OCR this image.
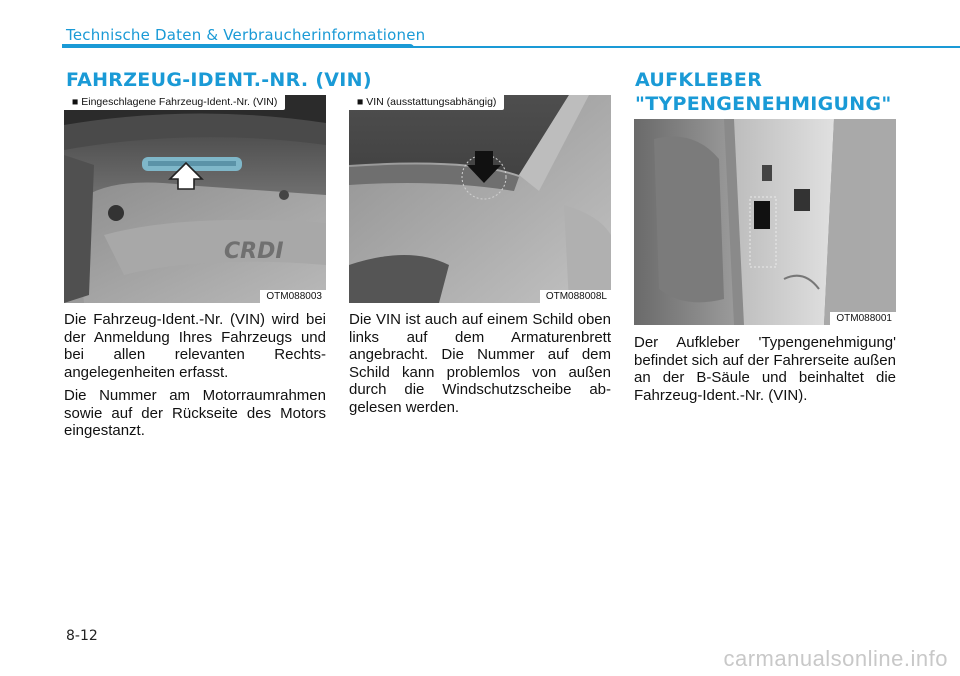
Technische Daten & Verbraucherinformationen
FAHRZEUG-IDENT.-NR. (VIN)	AUFKLEBER
"TYPENGENEHMIGUNG"
CRDI
■ Eingeschlagene Fahrzeug-Ident.-Nr. (VIN)
OTM088003
■ VIN (ausstattungsabhängig)
OTM088008L
OTM088001

Die Fahrzeug-Ident.-Nr. (VIN) wird bei der Anmeldung Ihres Fahrzeugs und bei allen relevanten Rechts-angelegenheiten erfasst.

Die Nummer am Motorraumrahmen sowie auf der Rückseite des Motors eingestanzt.

Die VIN ist auch auf einem Schild oben links auf dem Armaturenbrett angebracht. Die Nummer auf dem Schild kann problemlos von außen durch die Windschutzscheibe ab-gelesen werden.

Der Aufkleber 'Typengenehmigung' befindet sich auf der Fahrerseite außen an der B-Säule und beinhaltet die Fahrzeug-Ident.-Nr. (VIN).

8-12
carmanualsonline.info
